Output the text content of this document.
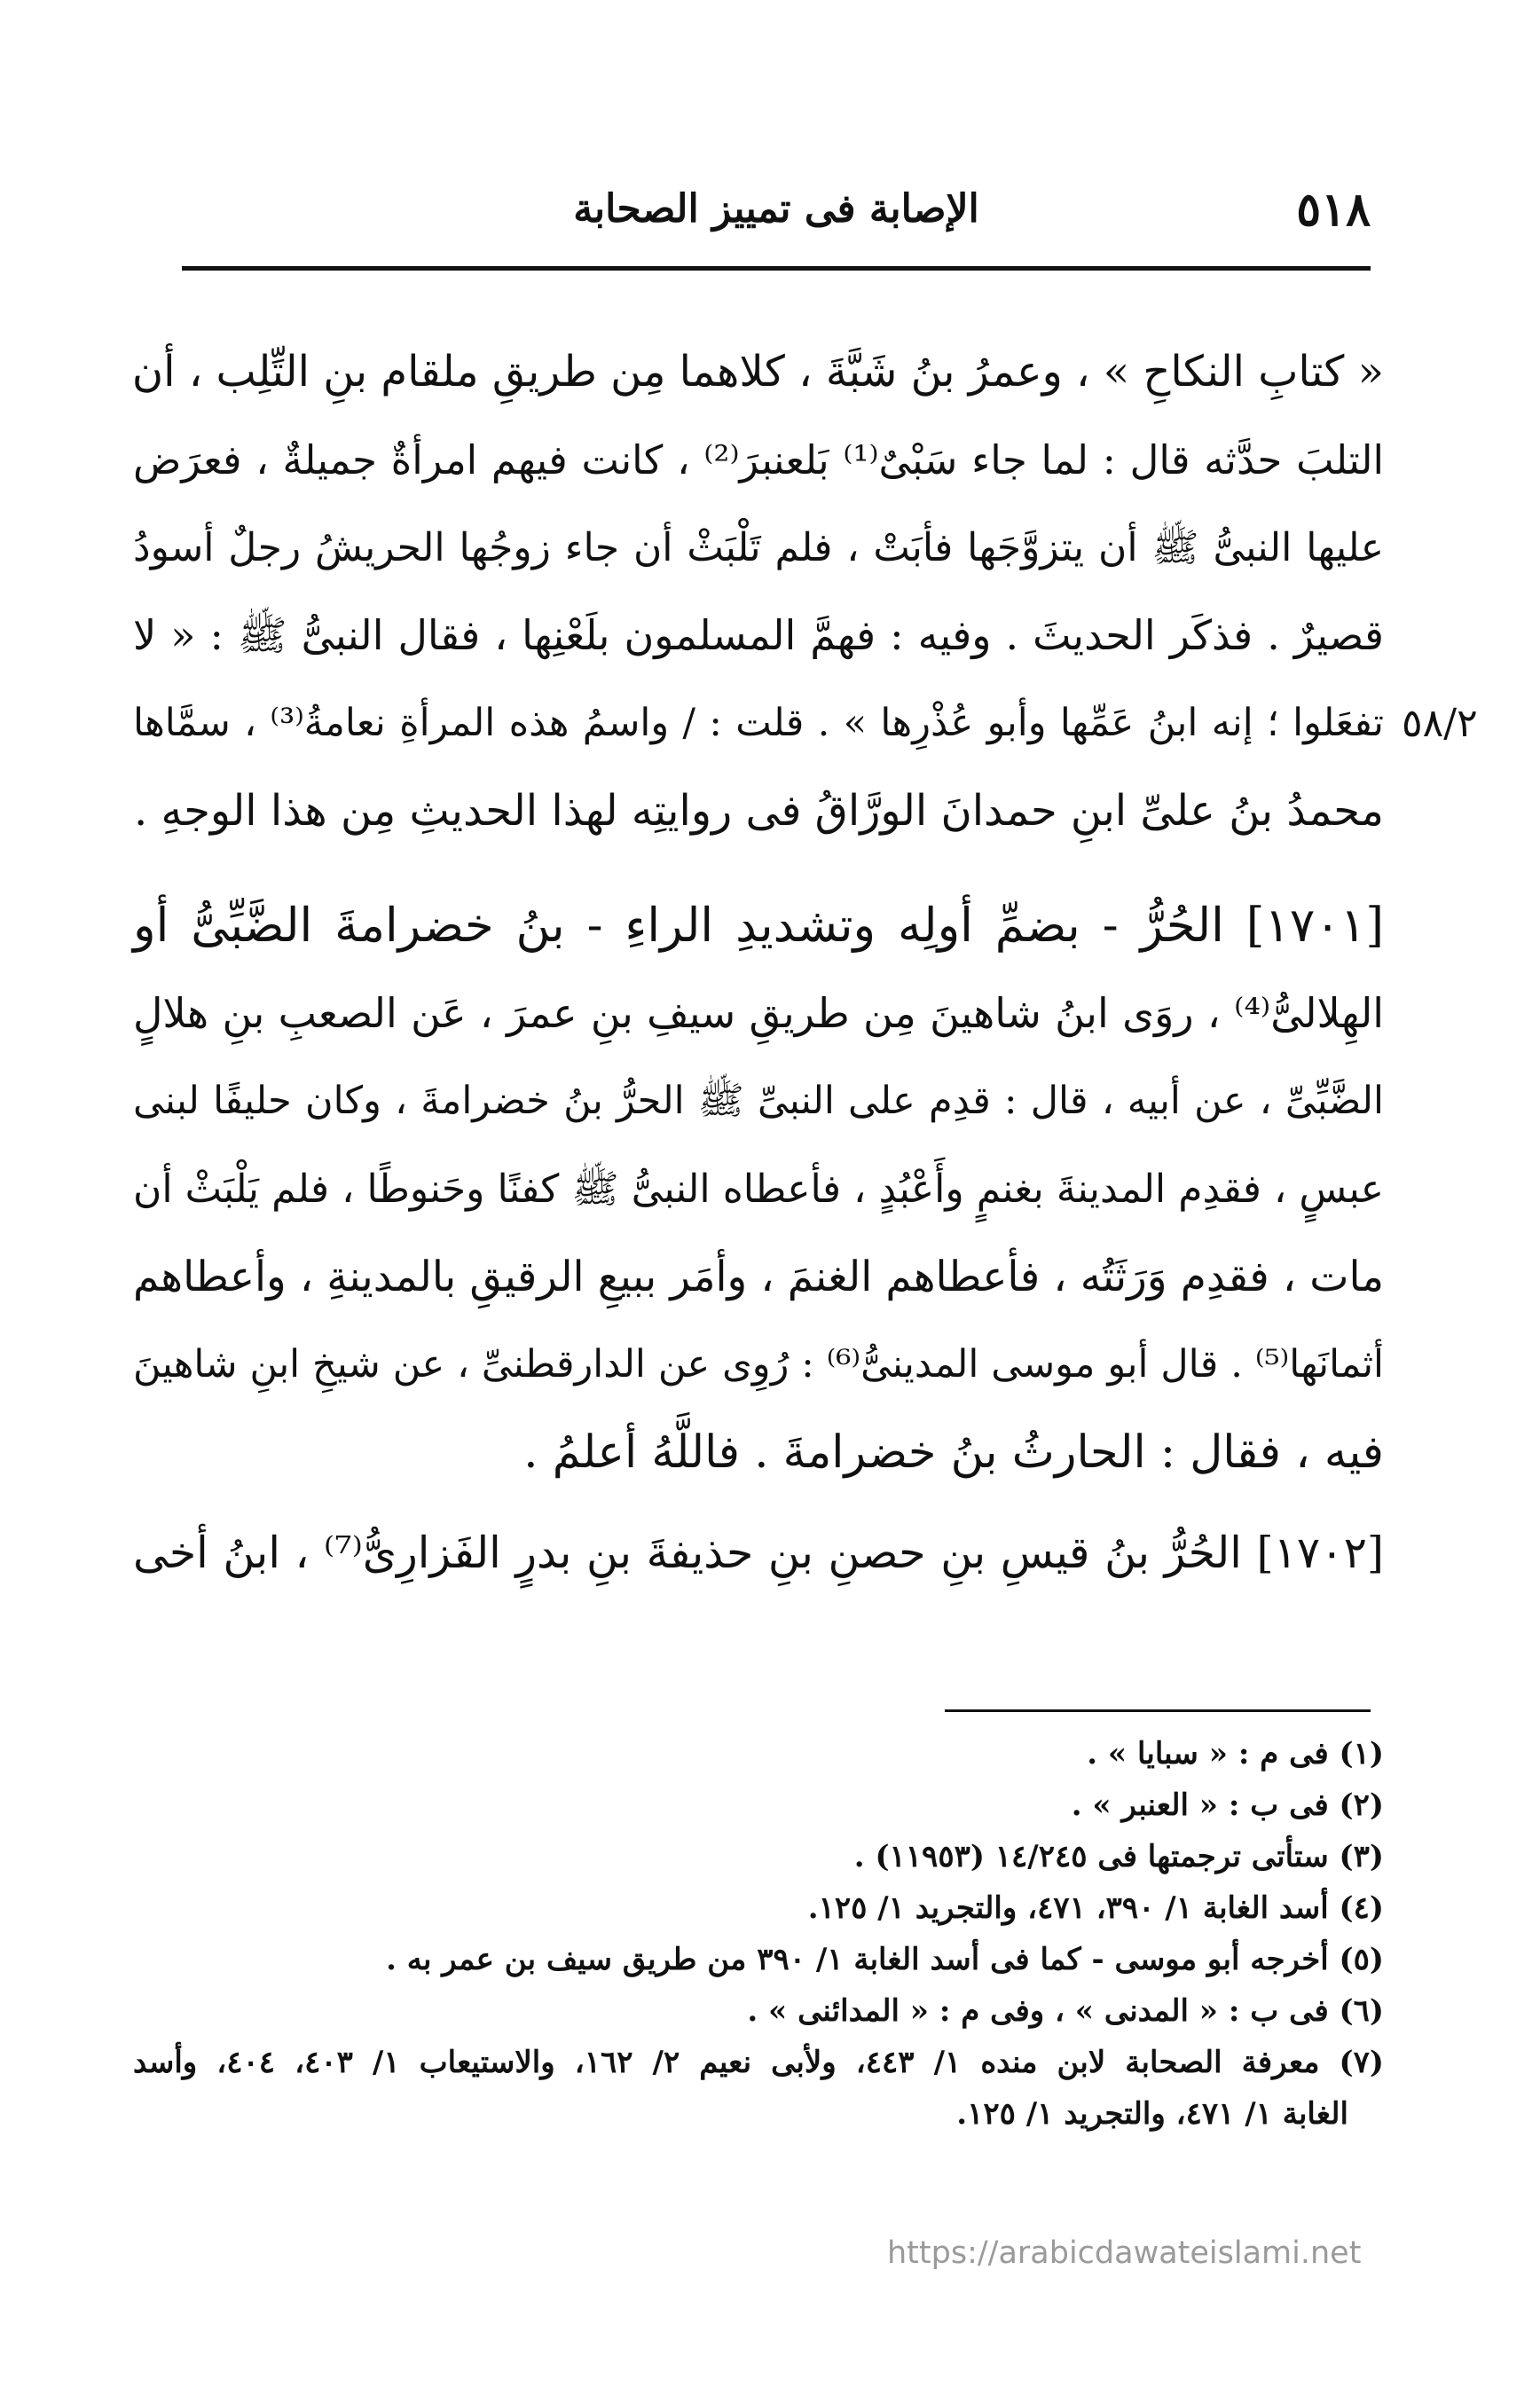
٥١٨
الإصابة فى تمييز الصحابة
٥٨/٢
« كتابِ النكاحِ » ، وعمرُ بنُ شَبَّةَ ، كلاهما مِن طريقِ ملقام بنِ التِّلِب ، أن
التلبَ حدَّثه قال : لما جاء سَبْىٌ⁽¹⁾ بَلعنبرَ⁽²⁾ ، كانت فيهم امرأةٌ جميلةٌ ، فعرَض
عليها النبىُّ ﷺ أن يتزوَّجَها فأبَتْ ، فلم تَلْبَثْ أن جاء زوجُها الحريشُ رجلٌ أسودُ
قصيرٌ . فذكَر الحديثَ . وفيه : فهمَّ المسلمون بلَعْنِها ، فقال النبىُّ ﷺ : « لا
تفعَلوا ؛ إنه ابنُ عَمِّها وأبو عُذْرِها » . قلت : / واسمُ هذه المرأةِ نعامةُ⁽³⁾ ، سمَّاها
محمدُ بنُ علىِّ ابنِ حمدانَ الورَّاقُ فى روايتِه لهذا الحديثِ مِن هذا الوجهِ .
[١٧٠١] الحُرُّ - بضمِّ أولِه وتشديدِ الراءِ - بنُ خضرامةَ الضَّبِّىُّ أو
الهِلالىُّ⁽⁴⁾ ، روَى ابنُ شاهينَ مِن طريقِ سيفِ بنِ عمرَ ، عَن الصعبِ بنِ هلالٍ
الضَّبِّىِّ ، عن أبيه ، قال : قدِم على النبىِّ ﷺ الحرُّ بنُ خضرامةَ ، وكان حليفًا لبنى
عبسٍ ، فقدِم المدينةَ بغنمٍ وأَعْبُدٍ ، فأعطاه النبىُّ ﷺ كفنًا وحَنوطًا ، فلم يَلْبَثْ أن
مات ، فقدِم وَرَثَتُه ، فأعطاهم الغنمَ ، وأمَر ببيعِ الرقيقِ بالمدينةِ ، وأعطاهم
أثمانَها⁽⁵⁾ . قال أبو موسى المدينىُّ⁽⁶⁾ : رُوِى عن الدارقطنىِّ ، عن شيخِ ابنِ شاهينَ
فيه ، فقال : الحارثُ بنُ خضرامةَ . فاللَّهُ أعلمُ .
[١٧٠٢] الحُرُّ بنُ قيسِ بنِ حصنِ بنِ حذيفةَ بنِ بدرٍ الفَزارِىُّ⁽⁷⁾ ، ابنُ أخى
(١) فى م : « سبايا » .
(٢) فى ب : « العنبر » .
(٣) ستأتى ترجمتها فى ١٤/٢٤٥ (١١٩٥٣) .
(٤) أسد الغابة ١/ ٣٩٠، ٤٧١، والتجريد ١/ ١٢٥.
(٥) أخرجه أبو موسى - كما فى أسد الغابة ١/ ٣٩٠ من طريق سيف بن عمر به .
(٦) فى ب : « المدنى » ، وفى م : « المدائنى » .
(٧) معرفة الصحابة لابن منده ١/ ٤٤٣، ولأبى نعيم ٢/ ١٦٢، والاستيعاب ١/ ٤٠٣، ٤٠٤، وأسد
الغابة ١/ ٤٧١، والتجريد ١/ ١٢٥.
https://arabicdawateislami.net
